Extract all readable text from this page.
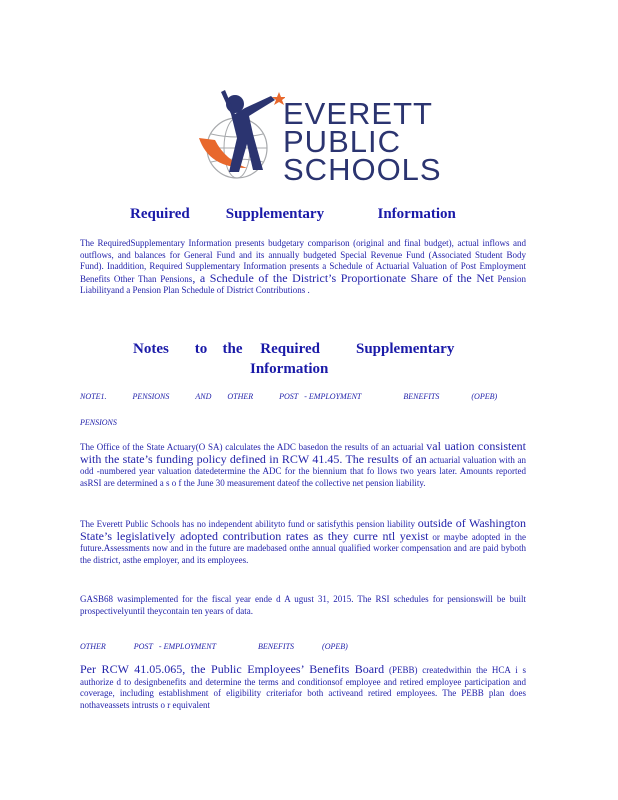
EVERETT
PUBLIC
SCHOOLS
Required Supplementary	Information
The RequiredSupplementary Information presents budgetary comparison (original and final budget), actual inflows and outflows, and balances for General Fund and its annually budgeted Special Revenue Fund (Associated Student Body Fund). Inaddition, Required Supplementary Information presents a Schedule of Actuarial Valuation of Post Employment Benefits Other Than Pensions, a Schedule of the District’s Proportionate Share of the Net Pension Liabilityand a Pension Plan Schedule of District Contributions .
Notes to the Required Supplementary
Information
NOTE1.	PENSIONS	AND OTHER	POST - EMPLOYMENT	BENEFITS	(OPEB)
PENSIONS
The Office of the State Actuary(O SA) calculates the ADC basedon the results of an actuarial val uation consistent with the state’s funding policy defined in RCW 41.45. The results of an actuarial valuation with an odd -numbered year valuation datedetermine the ADC for the biennium that fo llows two years later. Amounts reported asRSI are determined a s o f the June 30 measurement dateof the collective net pension liability.
The Everett Public Schools has no independent abilityto fund or satisfythis pension liability outside of Washington State’s legislatively adopted contribution rates as they curre ntl yexist or maybe adopted in the future.Assessments now and in the future are madebased onthe annual qualified worker compensation and are paid byboth the district, asthe employer, and its employees.
GASB68 wasimplemented for the fiscal year ende d A ugust 31, 2015. The RSI schedules for pensionswill be built prospectivelyuntil theycontain ten years of data.
OTHER	POST - EMPLOYMENT	BENEFITS	(OPEB)
Per RCW 41.05.065, the Public Employees’ Benefits Board (PEBB) createdwithin the HCA i s authorize d to designbenefits and determine the terms and conditionsof employee and retired employee participation and coverage, including establishment of eligibility criteriafor both activeand retired employees. The PEBB plan does nothaveassets intrusts o r equivalent
